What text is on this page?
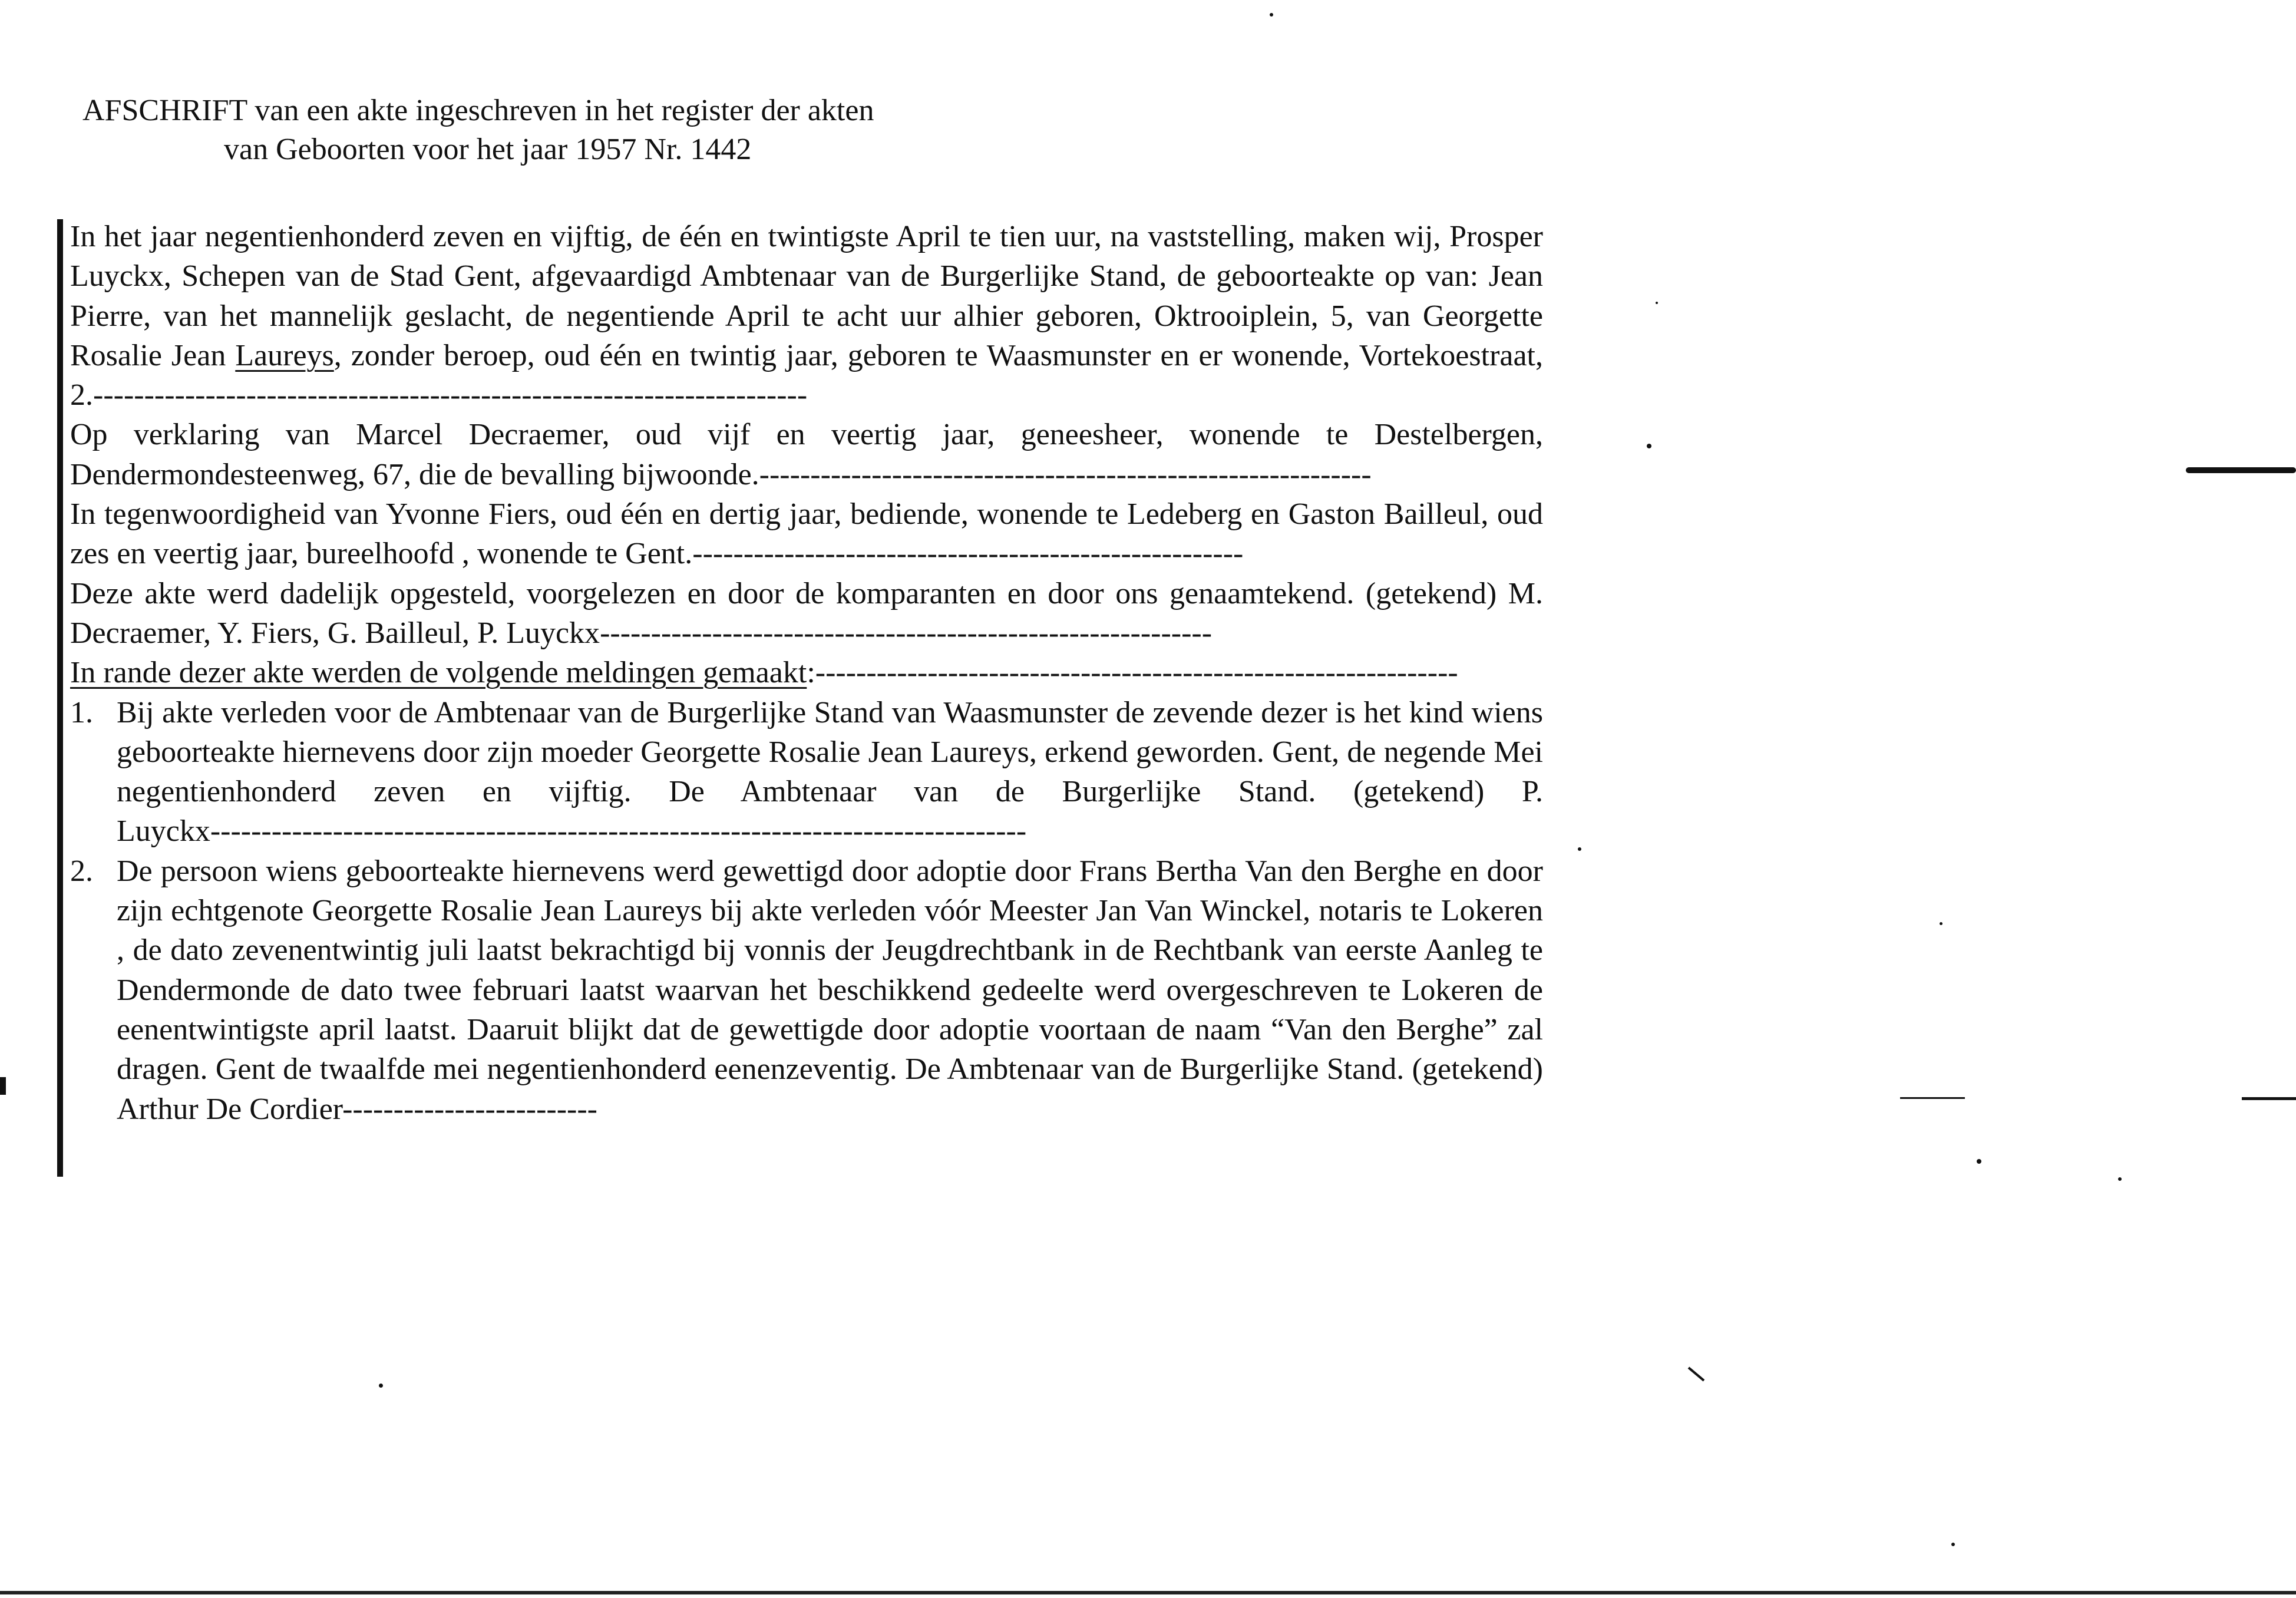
AFSCHRIFT van een akte ingeschreven in het register der akten
van Geboorten voor het jaar 1957 Nr. 1442

In het jaar negentienhonderd zeven en vijftig, de één en twintigste April te tien uur, na vaststelling, maken wij, Prosper Luyckx, Schepen van de Stad Gent, afgevaardigd Ambtenaar van de Burgerlijke Stand, de geboorteakte op van: Jean Pierre, van het mannelijk geslacht, de negentiende April te acht uur alhier geboren, Oktrooiplein, 5, van Georgette Rosalie Jean Laureys, zonder beroep, oud één en twintig jaar, geboren te Waasmunster en er wonende, Vortekoestraat, 2.----------------------------------------------------------------------

Op verklaring van Marcel Decraemer, oud vijf en veertig jaar, geneesheer, wonende te Destelbergen, Dendermondesteenweg, 67, die de bevalling bijwoonde.------------------------------------------------------------

In tegenwoordigheid van Yvonne Fiers, oud één en dertig jaar, bediende, wonende te Ledeberg en Gaston Bailleul, oud zes en veertig jaar, bureelhoofd , wonende te Gent.------------------------------------------------------

Deze akte werd dadelijk opgesteld, voorgelezen en door de komparanten en door ons genaamtekend. (getekend) M. Decraemer, Y. Fiers, G. Bailleul, P. Luyckx------------------------------------------------------------

In rande dezer akte werden de volgende meldingen gemaakt:---------------------------------------------------------------

1. Bij akte verleden voor de Ambtenaar van de Burgerlijke Stand van Waasmunster de zevende dezer is het kind wiens geboorteakte hiernevens door zijn moeder Georgette Rosalie Jean Laureys, erkend geworden. Gent, de negende Mei negentienhonderd zeven en vijftig. De Ambtenaar van de Burgerlijke Stand. (getekend) P. Luyckx--------------------------------------------------------------------------------
2. De persoon wiens geboorteakte hiernevens werd gewettigd door adoptie door Frans Bertha Van den Berghe en door zijn echtgenote Georgette Rosalie Jean Laureys bij akte verleden vóór Meester Jan Van Winckel, notaris te Lokeren , de dato zevenentwintig juli laatst bekrachtigd bij vonnis der Jeugdrechtbank in de Rechtbank van eerste Aanleg te Dendermonde de dato twee februari laatst waarvan het beschikkend gedeelte werd overgeschreven te Lokeren de eenentwintigste april laatst. Daaruit blijkt dat de gewettigde door adoptie voortaan de naam “Van den Berghe” zal dragen. Gent de twaalfde mei negentienhonderd eenenzeventig. De Ambtenaar van de Burgerlijke Stand. (getekend) Arthur De Cordier-------------------------
